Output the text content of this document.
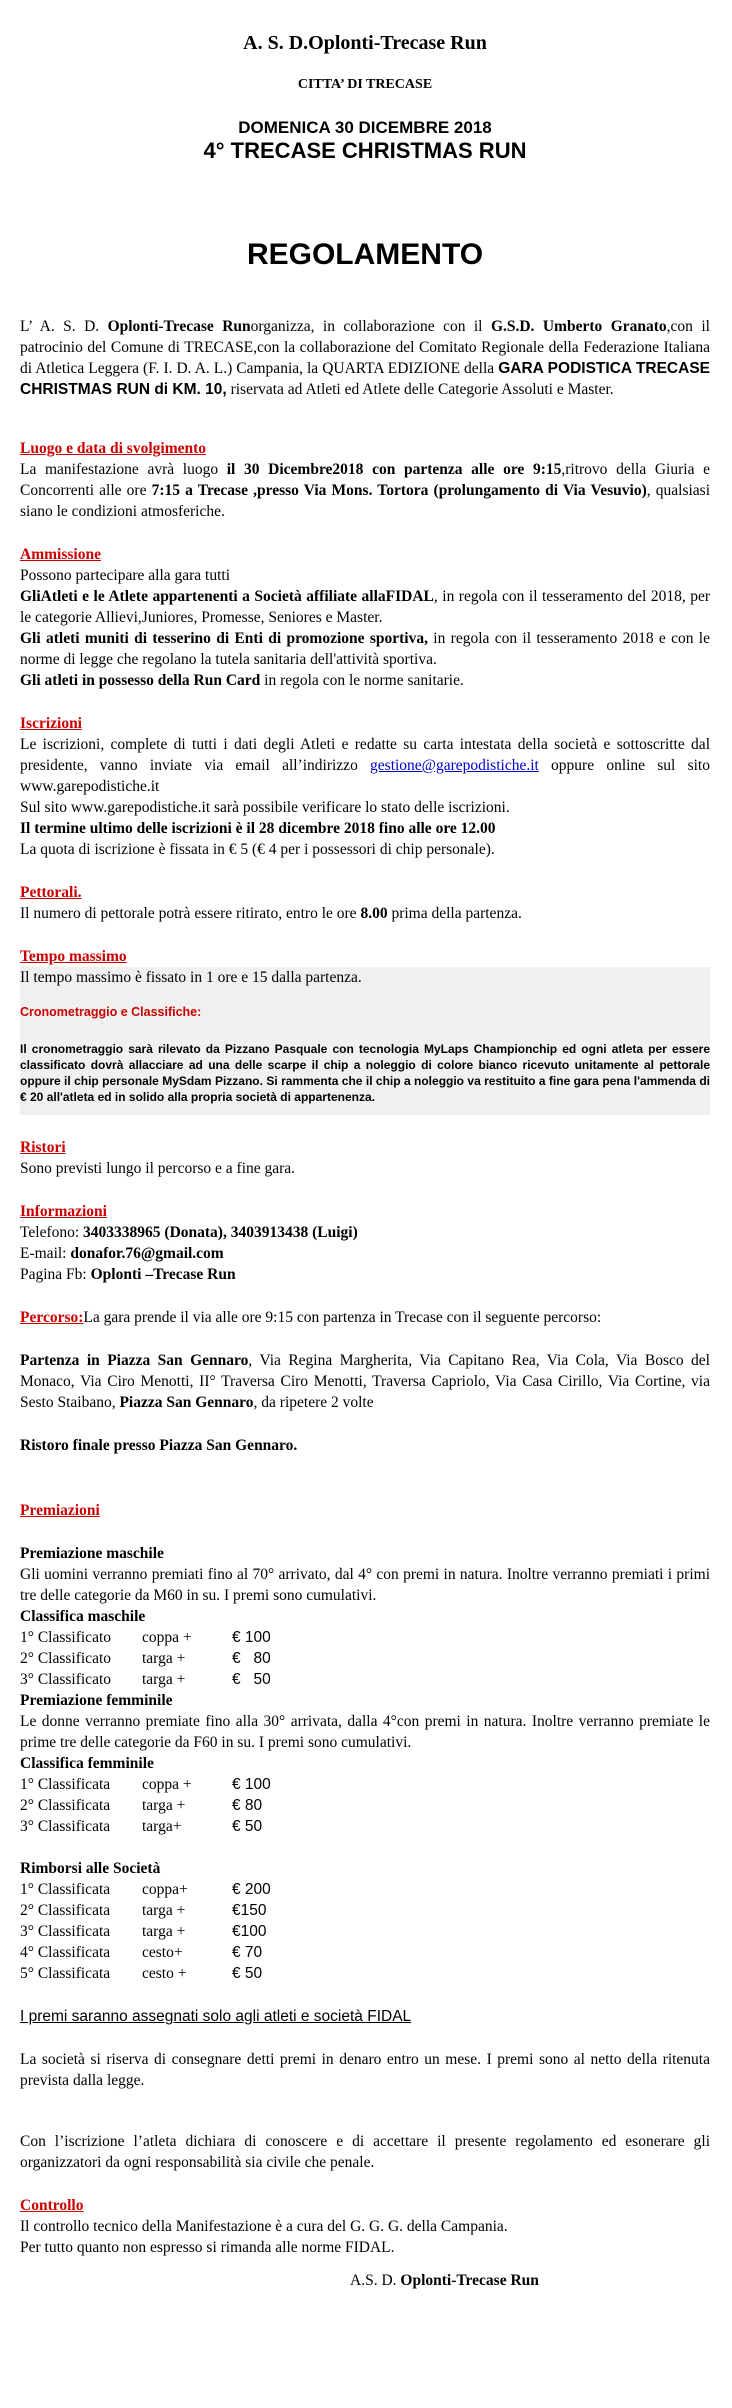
A. S. D.Oplonti-Trecase Run
CITTA’ DI TRECASE
DOMENICA 30 DICEMBRE 2018
4° TRECASE CHRISTMAS RUN
REGOLAMENTO
L’ A. S. D. Oplonti-Trecase Runorganizza, in collaborazione con il G.S.D. Umberto Granato,con il patrocinio del Comune di TRECASE,con la collaborazione del Comitato Regionale della Federazione Italiana di Atletica Leggera (F. I. D. A. L.) Campania, la QUARTA EDIZIONE della GARA PODISTICA TRECASE CHRISTMAS RUN di KM. 10, riservata ad Atleti ed Atlete delle Categorie Assoluti e Master.
Luogo e data di svolgimento
La manifestazione avrà luogo il 30 Dicembre2018 con partenza alle ore 9:15,ritrovo della Giuria e Concorrenti alle ore 7:15 a Trecase ,presso Via Mons. Tortora (prolungamento di Via Vesuvio), qualsiasi siano le condizioni atmosferiche.
Ammissione
Possono partecipare alla gara tutti
GliAtleti e le Atlete appartenenti a Società affiliate allaFIDAL, in regola con il tesseramento del 2018, per le categorie Allievi,Juniores, Promesse, Seniores e Master.
Gli atleti muniti di tesserino di Enti di promozione sportiva, in regola con il tesseramento 2018 e con le norme di legge che regolano la tutela sanitaria dell'attività sportiva.
Gli atleti in possesso della Run Card in regola con le norme sanitarie.
Iscrizioni
Le iscrizioni, complete di tutti i dati degli Atleti e redatte su carta intestata della società e sottoscritte dal presidente, vanno inviate via email all’indirizzo gestione@garepodistiche.it oppure online sul sito www.garepodistiche.it
Sul sito www.garepodistiche.it sarà possibile verificare lo stato delle iscrizioni.
Il termine ultimo delle iscrizioni è il 28 dicembre 2018 fino alle ore 12.00
La quota di iscrizione è fissata in € 5 (€ 4 per i possessori di chip personale).
Pettorali.
Il numero di pettorale potrà essere ritirato, entro le ore 8.00 prima della partenza.
Tempo massimo
Il tempo massimo è fissato in 1 ore e 15 dalla partenza.
Cronometraggio e Classifiche:
Il cronometraggio sarà rilevato da Pizzano Pasquale con tecnologia MyLaps Championchip ed ogni atleta per essere classificato dovrà allacciare ad una delle scarpe il chip a noleggio di colore bianco ricevuto unitamente al pettorale oppure il chip personale MySdam Pizzano. Si rammenta che il chip a noleggio va restituito a fine gara pena l'ammenda di € 20 all'atleta ed in solido alla propria società di appartenenza.
Ristori
Sono previsti lungo il percorso e a fine gara.
Informazioni
Telefono: 3403338965 (Donata), 3403913438 (Luigi)
E-mail: donafor.76@gmail.com
Pagina Fb: Oplonti –Trecase Run
Percorso:La gara prende il via alle ore 9:15 con partenza in Trecase con il seguente percorso:
Partenza in Piazza San Gennaro, Via Regina Margherita, Via Capitano Rea, Via Cola, Via Bosco del Monaco, Via Ciro Menotti, II° Traversa Ciro Menotti, Traversa Capriolo, Via Casa Cirillo, Via Cortine, via Sesto Staibano, Piazza San Gennaro, da ripetere 2 volte
Ristoro finale presso Piazza San Gennaro.
Premiazioni
Premiazione maschile
Gli uomini verranno premiati fino al 70° arrivato, dal 4° con premi in natura. Inoltre verranno premiati i primi tre delle categorie da M60 in su. I premi sono cumulativi.
Classifica maschile
1° Classificato	coppa +	€ 100
2° Classificato	targa +	€   80
3° Classificato	targa +	€   50
Premiazione femminile
Le donne verranno premiate fino alla 30° arrivata, dalla 4°con premi in natura. Inoltre verranno premiate le prime tre delle categorie da F60 in su. I premi sono cumulativi.
Classifica femminile
1° Classificata	coppa +	€ 100
2° Classificata	targa +	€ 80
3° Classificata	targa+	€ 50
Rimborsi alle Società
1° Classificata	coppa+	€ 200
2° Classificata	targa +	€150
3° Classificata	targa +	€100
4° Classificata	cesto+	€ 70
5° Classificata	cesto +	€ 50
I premi saranno assegnati solo agli atleti e società FIDAL
La società si riserva di consegnare detti premi in denaro entro un mese. I premi sono al netto della ritenuta prevista dalla legge.
Con l’iscrizione l’atleta dichiara di conoscere e di accettare il presente regolamento ed esonerare gli organizzatori da ogni responsabilità sia civile che penale.
Controllo
Il controllo tecnico della Manifestazione è a cura del G. G. G. della Campania.
Per tutto quanto non espresso si rimanda alle norme FIDAL.
A.S. D. Oplonti-Trecase Run
